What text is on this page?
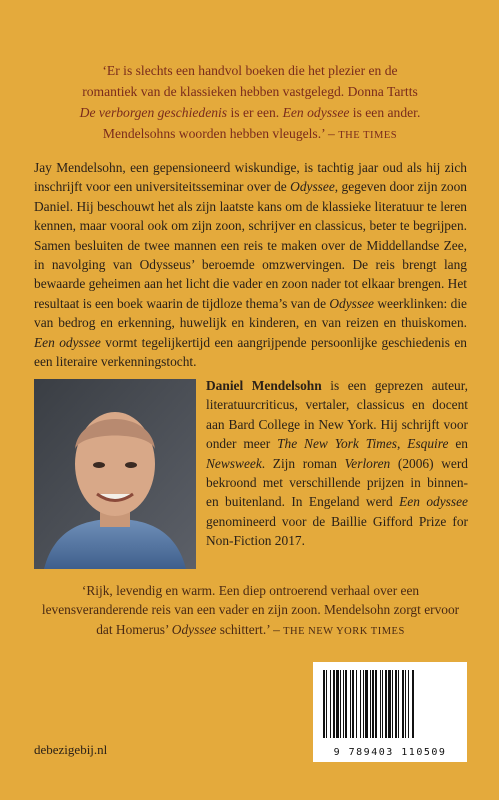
‘Er is slechts een handvol boeken die het plezier en de
romantiek van de klassieken hebben vastgelegd. Donna Tartts
De verborgen geschiedenis is er een. Een odyssee is een ander.
Mendelsohns woorden hebben vleugels.’ – THE TIMES
Jay Mendelsohn, een gepensioneerd wiskundige, is tachtig jaar oud als hij zich inschrijft voor een universiteitsseminar over de Odyssee, gegeven door zijn zoon Daniel. Hij beschouwt het als zijn laatste kans om de klassieke literatuur te leren kennen, maar vooral ook om zijn zoon, schrijver en classicus, beter te begrijpen. Samen besluiten de twee mannen een reis te maken over de Middellandse Zee, in navolging van Odysseus’ beroemde omzwervingen. De reis brengt lang bewaarde geheimen aan het licht die vader en zoon nader tot elkaar brengen. Het resultaat is een boek waarin de tijdloze thema’s van de Odyssee weerklinken: die van bedrog en erkenning, huwelijk en kinderen, en van reizen en thuiskomen. Een odyssee vormt tegelijkertijd een aangrijpende persoonlijke geschiedenis en een literaire verkenningstocht.
Daniel Mendelsohn is een geprezen auteur, literatuurcriticus, vertaler, classicus en docent aan Bard College in New York. Hij schrijft voor onder meer The New York Times, Esquire en Newsweek. Zijn roman Verloren (2006) werd bekroond met verschillende prijzen in binnen- en buitenland. In Engeland werd Een odyssee genomineerd voor de Baillie Gifford Prize for Non-Fiction 2017.
‘Rijk, levendig en warm. Een diep ontroerend verhaal over een levensveranderende reis van een vader en zijn zoon. Mendelsohn zorgt ervoor dat Homerus’ Odyssee schittert.’ – THE NEW YORK TIMES
debezigebij.nl	9 789403 110509
